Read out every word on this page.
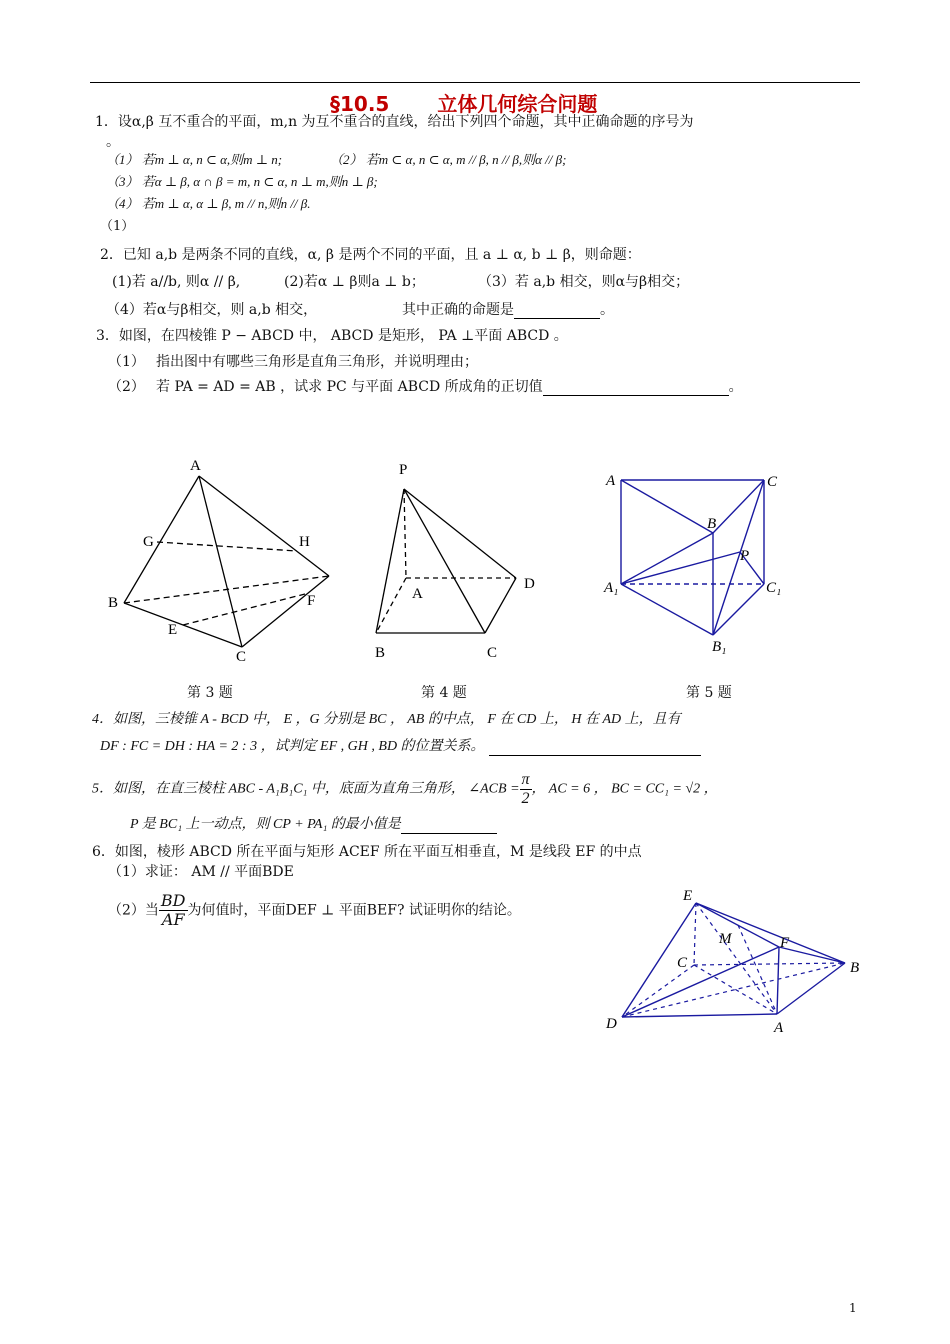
§10.5 立体几何综合问题
1．设α,β 互不重合的平面，m,n 为互不重合的直线，给出下列四个命题，其中正确命题的序号为
。
（1） 若m ⊥ α, n ⊂ α,则m ⊥ n;	（2） 若m ⊂ α, n ⊂ α, m // β, n // β,则α // β;
（3） 若α ⊥ β, α ∩ β = m, n ⊂ α, n ⊥ m,则n ⊥ β;
（4） 若m ⊥ α, α ⊥ β, m // n,则n // β.
（1）
2．已知 a,b 是两条不同的直线，α, β 是两个不同的平面，且 a ⊥ α, b ⊥ β，则命题：
(1)若 a//b, 则α // β,	(2)若α ⊥ β则a ⊥ b；	（3）若 a,b 相交，则α与β相交；
（4）若α与β相交，则 a,b 相交，	其中正确的命题是	。
3．如图，在四棱锥 P − ABCD 中， ABCD 是矩形， PA ⊥平面 ABCD 。
（1） 指出图中有哪些三角形是直角三角形，并说明理由；
（2） 若 PA = AD = AB ，试求 PC 与平面 ABCD 所成角的正切值	。
A
G	H
B	F
E
C
第 3 题
P
A
D
B	C
第 4 题
A	C
B
P
A₁	C₁
B₁
第 5 题
4．如图，三棱锥 A - BCD 中， E ，G 分别是 BC ， AB 的中点， F 在 CD 上， H 在 AD 上，且有
DF : FC = DH : HA = 2 : 3 ，试判定 EF , GH , BD 的位置关系。
5．如图，在直三棱柱 ABC - A₁B₁C₁ 中，底面为直角三角形， ∠ACB = $\frac{\pi}{2}$ ， AC = 6 ， BC = CC₁ = √2 ，
P 是 BC₁ 上一动点，则 CP + PA₁ 的最小值是
6．如图，棱形 ABCD 所在平面与矩形 ACEF 所在平面互相垂直，M 是线段 EF 的中点
（1）求证： AM // 平面BDE
（2）当 $\frac{BD}{AF}$ 为何值时，平面DEF ⊥ 平面BEF? 试证明你的结论。
E
M	F
C	B
D	A
1
